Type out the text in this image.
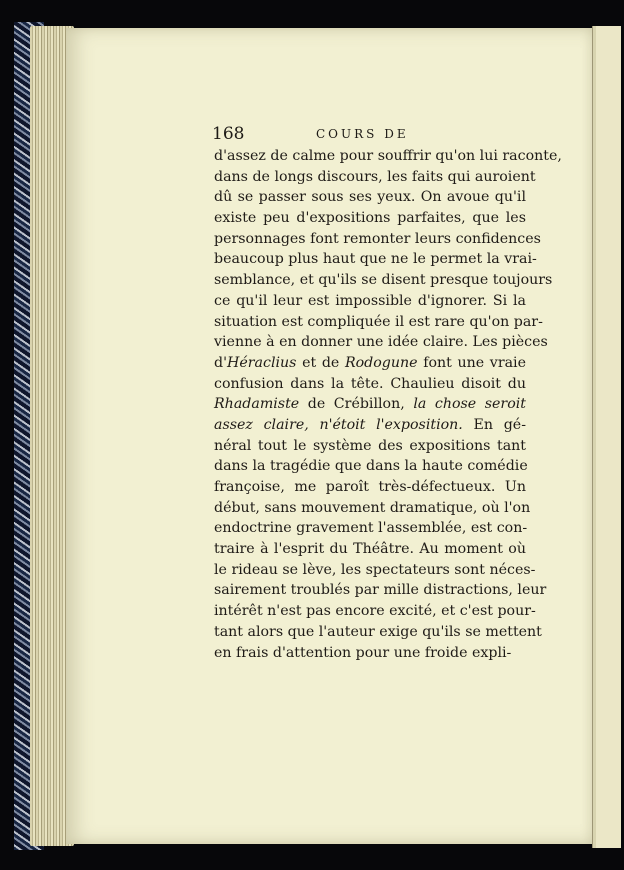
168	COURS DE
d'assez de calme pour souffrir qu'on lui raconte,
dans de longs discours, les faits qui auroient
dû se passer sous ses yeux. On avoue qu'il
existe peu d'expositions parfaites, que les
personnages font remonter leurs confidences
beaucoup plus haut que ne le permet la vrai-
semblance, et qu'ils se disent presque toujours
ce qu'il leur est impossible d'ignorer. Si la
situation est compliquée il est rare qu'on par-
vienne à en donner une idée claire. Les pièces
d'Héraclius et de Rodogune font une vraie
confusion dans la tête. Chaulieu disoit du
Rhadamiste de Crébillon, la chose seroit
assez claire, n'étoit l'exposition. En gé-
néral tout le système des expositions tant
dans la tragédie que dans la haute comédie
françoise, me paroît très-défectueux. Un
début, sans mouvement dramatique, où l'on
endoctrine gravement l'assemblée, est con-
traire à l'esprit du Théâtre. Au moment où
le rideau se lève, les spectateurs sont néces-
sairement troublés par mille distractions, leur
intérêt n'est pas encore excité, et c'est pour-
tant alors que l'auteur exige qu'ils se mettent
en frais d'attention pour une froide expli-
